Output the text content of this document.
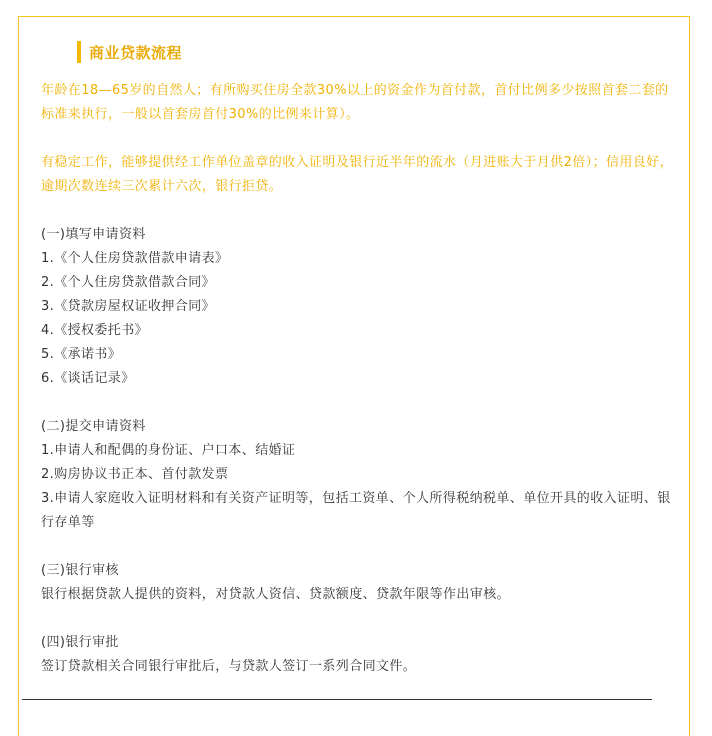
商业贷款流程

年龄在18—65岁的自然人；有所购买住房全款30%以上的资金作为首付款，首付比例多少按照首套二套的标准来执行，一般以首套房首付30%的比例来计算）。

有稳定工作，能够提供经工作单位盖章的收入证明及银行近半年的流水（月进账大于月供2倍）；信用良好，逾期次数连续三次累计六次，银行拒贷。

(一)填写申请资料

1.《个人住房贷款借款申请表》

2.《个人住房贷款借款合同》

3.《贷款房屋权证收押合同》

4.《授权委托书》

5.《承诺书》

6.《谈话记录》

(二)提交申请资料

1.申请人和配偶的身份证、户口本、结婚证

2.购房协议书正本、首付款发票

3.申请人家庭收入证明材料和有关资产证明等，包括工资单、个人所得税纳税单、单位开具的收入证明、银行存单等

(三)银行审核

银行根据贷款人提供的资料，对贷款人资信、贷款额度、贷款年限等作出审核。

(四)银行审批

签订贷款相关合同银行审批后，与贷款人签订一系列合同文件。
